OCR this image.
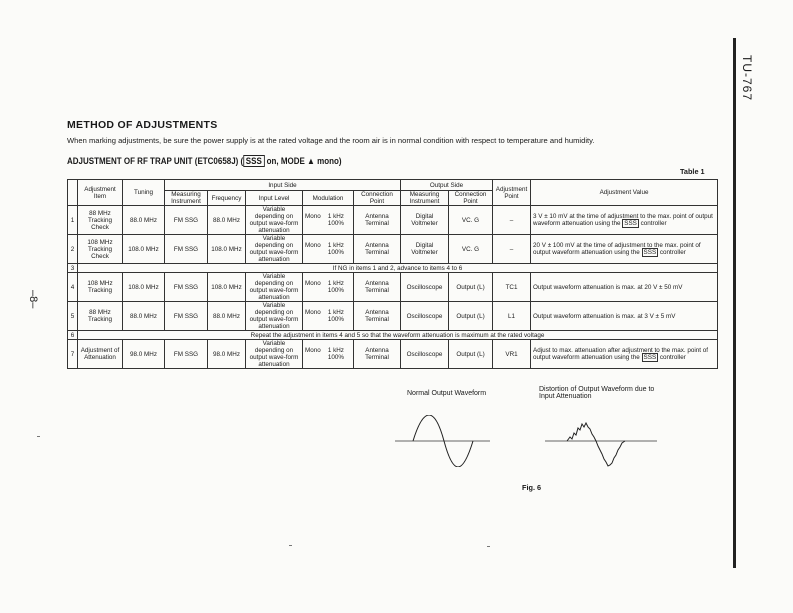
TU-767
–8–
METHOD OF ADJUSTMENTS
When marking adjustments, be sure the power supply is at the rated voltage and the room air is in normal condition with respect to temperature and humidity.
ADJUSTMENT OF RF TRAP UNIT (ETC0658J) ( SSS on, MODE ▲ mono)
Table 1
	Adjustment Item	Tuning	Input Side					Output Side		Adjustment Point	Adjustment Value
			Measuring Instrument	Frequency	Input Level	Modulation	Connection Point	Measuring Instrument	Connection Point		
1	88 MHz Tracking Check	88.0 MHz	FM SSG	88.0 MHz	Variable depending on output wave-form attenuation	Mono 1 kHz 100%	Antenna Terminal	Digital Voltmeter	VC. G	–	3 V ± 10 mV at the time of adjustment to the max. point of output waveform attenuation using the SSS controller
2	108 MHz Tracking Check	108.0 MHz	FM SSG	108.0 MHz	Variable depending on output wave-form attenuation	Mono 1 kHz 100%	Antenna Terminal	Digital Voltmeter	VC. G	–	20 V ± 100 mV at the time of adjustment to the max. point of output waveform attenuation using the SSS controller
3	If NG in items 1 and 2, advance to items 4 to 6										
4	108 MHz Tracking	108.0 MHz	FM SSG	108.0 MHz	Variable depending on output wave-form attenuation	Mono 1 kHz 100%	Antenna Terminal	Oscilloscope	Output (L)	TC1	Output waveform attenuation is max. at 20 V ± 50 mV
5	88 MHz Tracking	88.0 MHz	FM SSG	88.0 MHz	Variable depending on output wave-form attenuation	Mono 1 kHz 100%	Antenna Terminal	Oscilloscope	Output (L)	L1	Output waveform attenuation is max. at 3 V ± 5 mV
6	Repeat the adjustment in items 4 and 5 so that the waveform attenuation is maximum at the rated voltage										
7	Adjustment of Attenuation	98.0 MHz	FM SSG	98.0 MHz	Variable depending on output wave-form attenuation	Mono 1 kHz 100%	Antenna Terminal	Oscilloscope	Output (L)	VR1	Adjust to max. attenuation after adjustment to the max. point of output waveform attenuation using the SSS controller
Normal Output Waveform
Distortion of Output Waveform due to Input Attenuation
Fig. 6
